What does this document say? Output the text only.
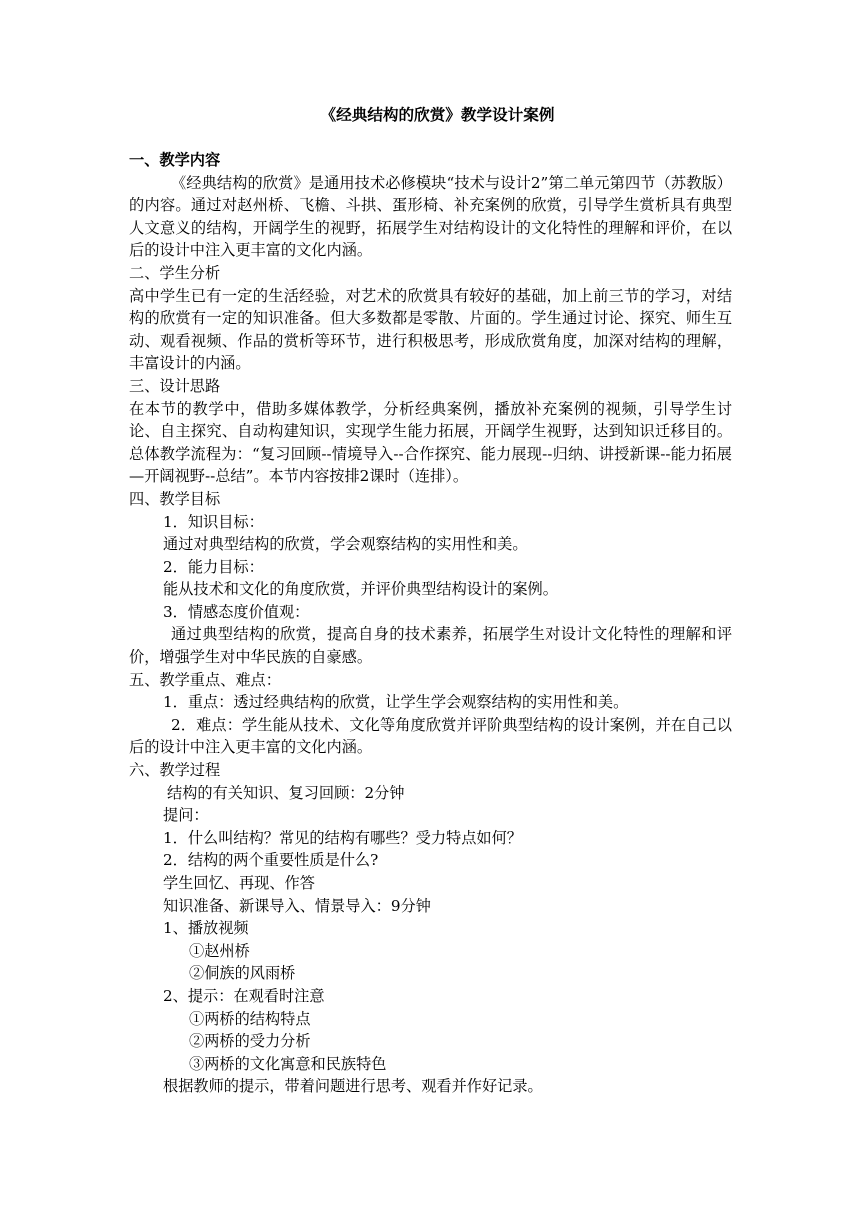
《经典结构的欣赏》教学设计案例
一、教学内容
《经典结构的欣赏》是通用技术必修模块“技术与设计2”第二单元第四节（苏教版）的内容。通过对赵州桥、飞檐、斗拱、蛋形椅、补充案例的欣赏，引导学生赏析具有典型人文意义的结构，开阔学生的视野，拓展学生对结构设计的文化特性的理解和评价，在以后的设计中注入更丰富的文化内涵。
二、学生分析
高中学生已有一定的生活经验，对艺术的欣赏具有较好的基础，加上前三节的学习，对结构的欣赏有一定的知识准备。但大多数都是零散、片面的。学生通过讨论、探究、师生互动、观看视频、作品的赏析等环节，进行积极思考，形成欣赏角度，加深对结构的理解，丰富设计的内涵。
三、设计思路
在本节的教学中，借助多媒体教学，分析经典案例，播放补充案例的视频，引导学生讨论、自主探究、自动构建知识，实现学生能力拓展，开阔学生视野，达到知识迁移目的。总体教学流程为：“复习回顾--情境导入--合作探究、能力展现--归纳、讲授新课--能力拓展—开阔视野--总结”。本节内容按排2课时（连排）。
四、教学目标
1．知识目标：
通过对典型结构的欣赏，学会观察结构的实用性和美。
2．能力目标：
能从技术和文化的角度欣赏，并评价典型结构设计的案例。
3．情感态度价值观：
通过典型结构的欣赏，提高自身的技术素养，拓展学生对设计文化特性的理解和评价，增强学生对中华民族的自豪感。
五、教学重点、难点：
1．重点：透过经典结构的欣赏，让学生学会观察结构的实用性和美。
2．难点：学生能从技术、文化等角度欣赏并评阶典型结构的设计案例，并在自己以后的设计中注入更丰富的文化内涵。
六、教学过程
结构的有关知识、复习回顾：2分钟
提问：
1．什么叫结构？常见的结构有哪些？受力特点如何？
2．结构的两个重要性质是什么?
学生回忆、再现、作答
知识准备、新课导入、情景导入：9分钟
1、播放视频
①赵州桥
②侗族的风雨桥
2、提示：在观看时注意
①两桥的结构特点
②两桥的受力分析
③两桥的文化寓意和民族特色
根据教师的提示，带着问题进行思考、观看并作好记录。
